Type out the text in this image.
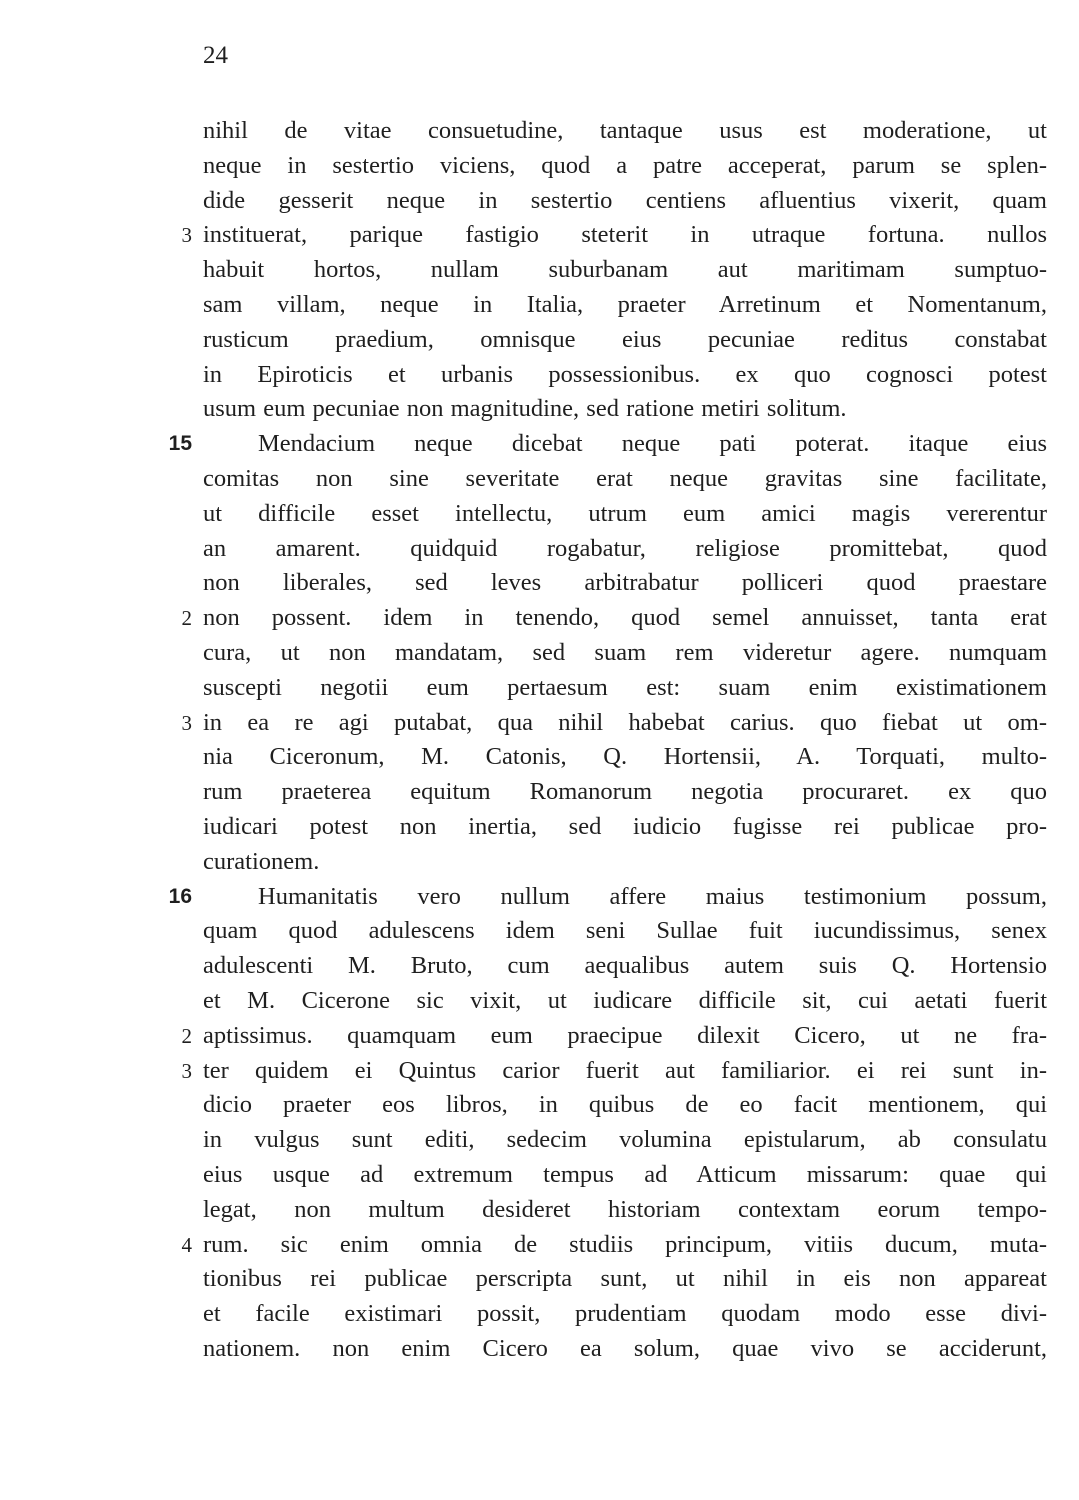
24
nihil de vitae consuetudine, tantaque usus est moderatione, ut
neque in sestertio viciens, quod a patre acceperat, parum se splen-
dide gesserit neque in sestertio centiens afluentius vixerit, quam
3 instituerat, parique fastigio steterit in utraque fortuna. nullos
habuit hortos, nullam suburbanam aut maritimam sumptuo-
sam villam, neque in Italia, praeter Arretinum et Nomentanum,
rusticum praedium, omnisque eius pecuniae reditus constabat
in Epiroticis et urbanis possessionibus. ex quo cognosci potest
usum eum pecuniae non magnitudine, sed ratione metiri solitum.
15	Mendacium neque dicebat neque pati poterat. itaque eius
comitas non sine severitate erat neque gravitas sine facilitate,
ut difficile esset intellectu, utrum eum amici magis vererentur
an amarent. quidquid rogabatur, religiose promittebat, quod
non liberales, sed leves arbitrabatur polliceri quod praestare
2 non possent. idem in tenendo, quod semel annuisset, tanta erat
cura, ut non mandatam, sed suam rem videretur agere. numquam
suscepti negotii eum pertaesum est: suam enim existimationem
3 in ea re agi putabat, qua nihil habebat carius. quo fiebat ut om-
nia Ciceronum, M. Catonis, Q. Hortensii, A. Torquati, multo-
rum praeterea equitum Romanorum negotia procuraret. ex quo
iudicari potest non inertia, sed iudicio fugisse rei publicae pro-
curationem.
16	Humanitatis vero nullum affere maius testimonium possum,
quam quod adulescens idem seni Sullae fuit iucundissimus, senex
adulescenti M. Bruto, cum aequalibus autem suis Q. Hortensio
et M. Cicerone sic vixit, ut iudicare difficile sit, cui aetati fuerit
2 aptissimus. quamquam eum praecipue dilexit Cicero, ut ne fra-
3 ter quidem ei Quintus carior fuerit aut familiarior. ei rei sunt in-
dicio praeter eos libros, in quibus de eo facit mentionem, qui
in vulgus sunt editi, sedecim volumina epistularum, ab consulatu
eius usque ad extremum tempus ad Atticum missarum: quae qui
legat, non multum desideret historiam contextam eorum tempo-
4 rum. sic enim omnia de studiis principum, vitiis ducum, muta-
tionibus rei publicae perscripta sunt, ut nihil in eis non appareat
et facile existimari possit, prudentiam quodam modo esse divi-
nationem. non enim Cicero ea solum, quae vivo se acciderunt,
